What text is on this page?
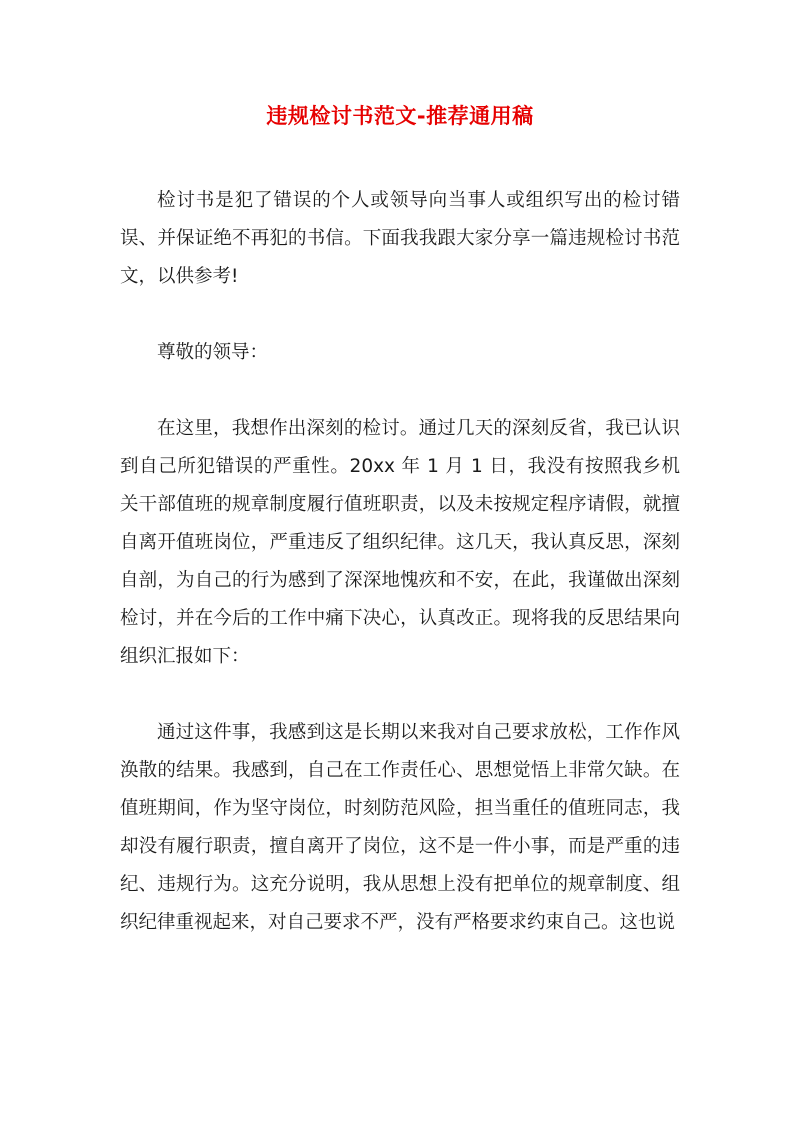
违规检讨书范文-推荐通用稿

检讨书是犯了错误的个人或领导向当事人或组织写出的检讨错误、并保证绝不再犯的书信。下面我我跟大家分享一篇违规检讨书范文，以供参考!

尊敬的领导：

在这里，我想作出深刻的检讨。通过几天的深刻反省，我已认识到自己所犯错误的严重性。20xx 年 1 月 1 日，我没有按照我乡机关干部值班的规章制度履行值班职责，以及未按规定程序请假，就擅自离开值班岗位，严重违反了组织纪律。这几天，我认真反思，深刻自剖，为自己的行为感到了深深地愧疚和不安，在此，我谨做出深刻检讨，并在今后的工作中痛下决心，认真改正。现将我的反思结果向组织汇报如下：

通过这件事，我感到这是长期以来我对自己要求放松，工作作风涣散的结果。我感到，自己在工作责任心、思想觉悟上非常欠缺。在值班期间，作为坚守岗位，时刻防范风险，担当重任的值班同志，我却没有履行职责，擅自离开了岗位，这不是一件小事，而是严重的违纪、违规行为。这充分说明，我从思想上没有把单位的规章制度、组织纪律重视起来，对自己要求不严，没有严格要求约束自己。这也说
